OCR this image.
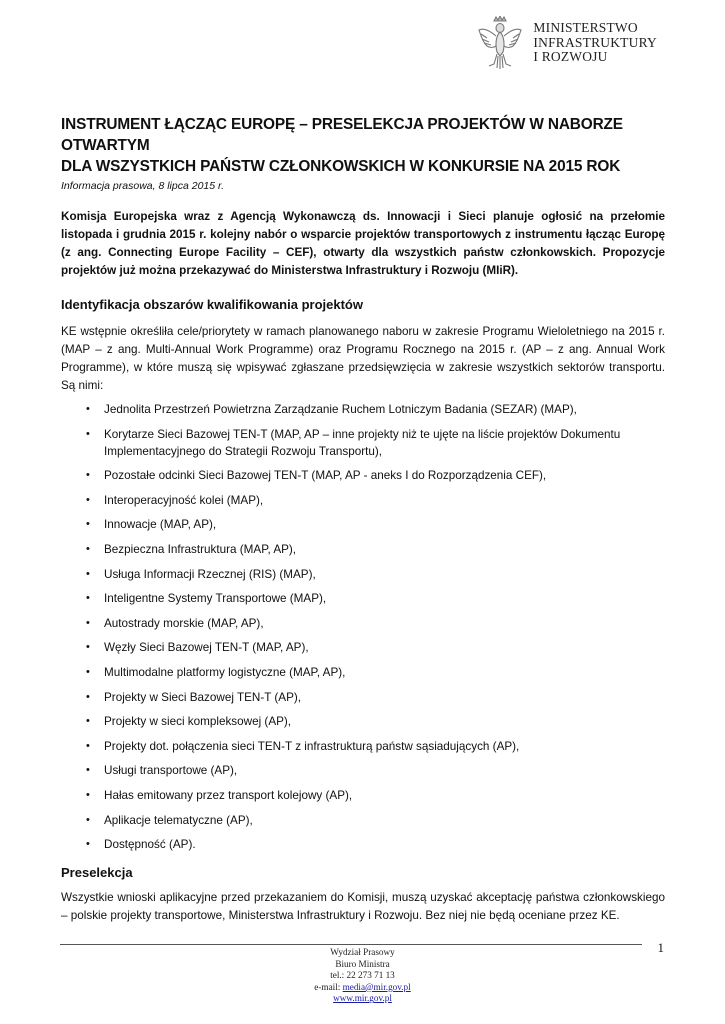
MINISTERSTWO
INFRASTRUKTURY
I ROZWOJU
INSTRUMENT ŁĄCZĄC EUROPĘ – PRESELEKCJA PROJEKTÓW W NABORZE OTWARTYM
DLA WSZYSTKICH PAŃSTW CZŁONKOWSKICH W KONKURSIE NA 2015 ROK
Informacja prasowa, 8 lipca 2015 r.
Komisja Europejska wraz z Agencją Wykonawczą ds. Innowacji i Sieci planuje ogłosić na przełomie listopada i grudnia 2015 r. kolejny nabór o wsparcie projektów transportowych z instrumentu łącząc Europę (z ang. Connecting Europe Facility – CEF), otwarty dla wszystkich państw członkowskich. Propozycje projektów już można przekazywać do Ministerstwa Infrastruktury i Rozwoju (MIiR).
Identyfikacja obszarów kwalifikowania projektów
KE wstępnie określiła cele/priorytety w ramach planowanego naboru w zakresie Programu Wieloletniego na 2015 r. (MAP – z ang. Multi-Annual Work Programme) oraz Programu Rocznego na 2015 r. (AP – z ang. Annual Work Programme), w które muszą się wpisywać zgłaszane przedsięwzięcia w zakresie wszystkich sektorów transportu. Są nimi:
• Jednolita Przestrzeń Powietrzna Zarządzanie Ruchem Lotniczym Badania (SEZAR) (MAP),
• Korytarze Sieci Bazowej TEN-T (MAP, AP – inne projekty niż te ujęte na liście projektów Dokumentu Implementacyjnego do Strategii Rozwoju Transportu),
• Pozostałe odcinki Sieci Bazowej TEN-T (MAP, AP - aneks I do Rozporządzenia CEF),
• Interoperacyjność kolei (MAP),
• Innowacje (MAP, AP),
• Bezpieczna Infrastruktura (MAP, AP),
• Usługa Informacji Rzecznej (RIS) (MAP),
• Inteligentne Systemy Transportowe (MAP),
• Autostrady morskie (MAP, AP),
• Węzły Sieci Bazowej TEN-T (MAP, AP),
• Multimodalne platformy logistyczne (MAP, AP),
• Projekty w Sieci Bazowej TEN-T (AP),
• Projekty w sieci kompleksowej (AP),
• Projekty dot. połączenia sieci TEN-T z infrastrukturą państw sąsiadujących (AP),
• Usługi transportowe (AP),
• Hałas emitowany przez transport kolejowy (AP),
• Aplikacje telematyczne (AP),
• Dostępność (AP).
Preselekcja
Wszystkie wnioski aplikacyjne przed przekazaniem do Komisji, muszą uzyskać akceptację państwa członkowskiego – polskie projekty transportowe, Ministerstwa Infrastruktury i Rozwoju. Bez niej nie będą oceniane przez KE.
1
Wydział Prasowy
Biuro Ministra
tel.: 22 273 71 13
e-mail: media@mir.gov.pl
www.mir.gov.pl
